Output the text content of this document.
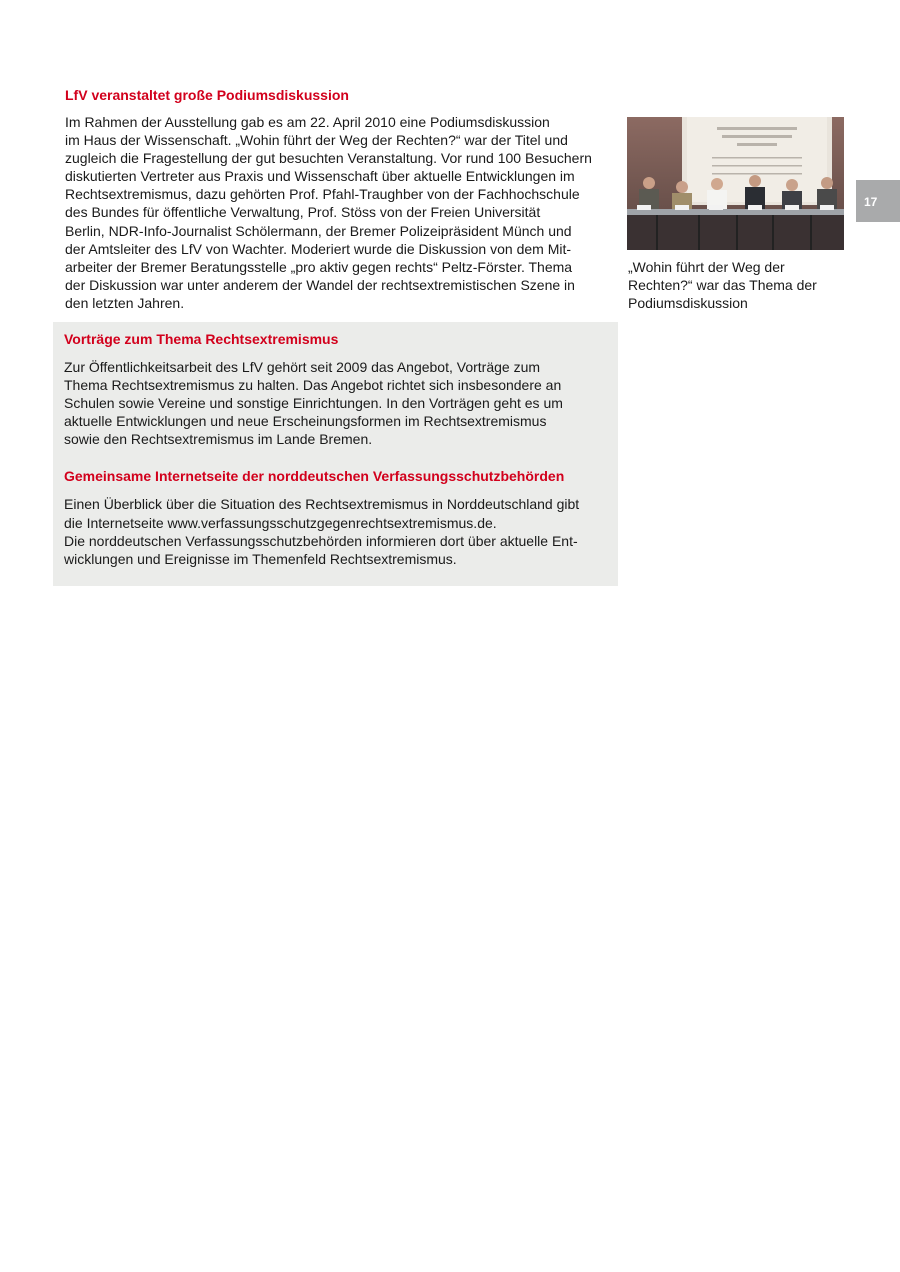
LfV veranstaltet große Podiumsdiskussion

Im Rahmen der Ausstellung gab es am 22. April 2010 eine Podiumsdiskussion
im Haus der Wissenschaft. „Wohin führt der Weg der Rechten?“ war der Titel und
zugleich die Fragestellung der gut besuchten Veranstaltung. Vor rund 100 Besuchern
diskutierten Vertreter aus Praxis und Wissenschaft über aktuelle Entwicklungen im
Rechtsextremismus, dazu gehörten Prof. Pfahl-Traughber von der Fachhochschule
des Bundes für öffentliche Verwaltung, Prof. Stöss von der Freien Universität
Berlin, NDR-Info-Journalist Schölermann, der Bremer Polizeipräsident Münch und
der Amtsleiter des LfV von Wachter. Moderiert wurde die Diskussion von dem Mit-
arbeiter der Bremer Beratungsstelle „pro aktiv gegen rechts“ Peltz-Förster. Thema
der Diskussion war unter anderem der Wandel der rechtsextremistischen Szene in
den letzten Jahren.

„Wohin führt der Weg der
Rechten?“ war das Thema der
Podiumsdiskussion
17
Vorträge zum Thema Rechtsextremismus

Zur Öffentlichkeitsarbeit des LfV gehört seit 2009 das Angebot, Vorträge zum
Thema Rechtsextremismus zu halten. Das Angebot richtet sich insbesondere an
Schulen sowie Vereine und sonstige Einrichtungen. In den Vorträgen geht es um
aktuelle Entwicklungen und neue Erscheinungsformen im Rechtsextremismus
sowie den Rechtsextremismus im Lande Bremen.

Gemeinsame Internetseite der norddeutschen Verfassungsschutzbehörden

Einen Überblick über die Situation des Rechtsextremismus in Norddeutschland gibt
die Internetseite www.verfassungsschutzgegenrechtsextremismus.de.
Die norddeutschen Verfassungsschutzbehörden informieren dort über aktuelle Ent-
wicklungen und Ereignisse im Themenfeld Rechtsextremismus.
